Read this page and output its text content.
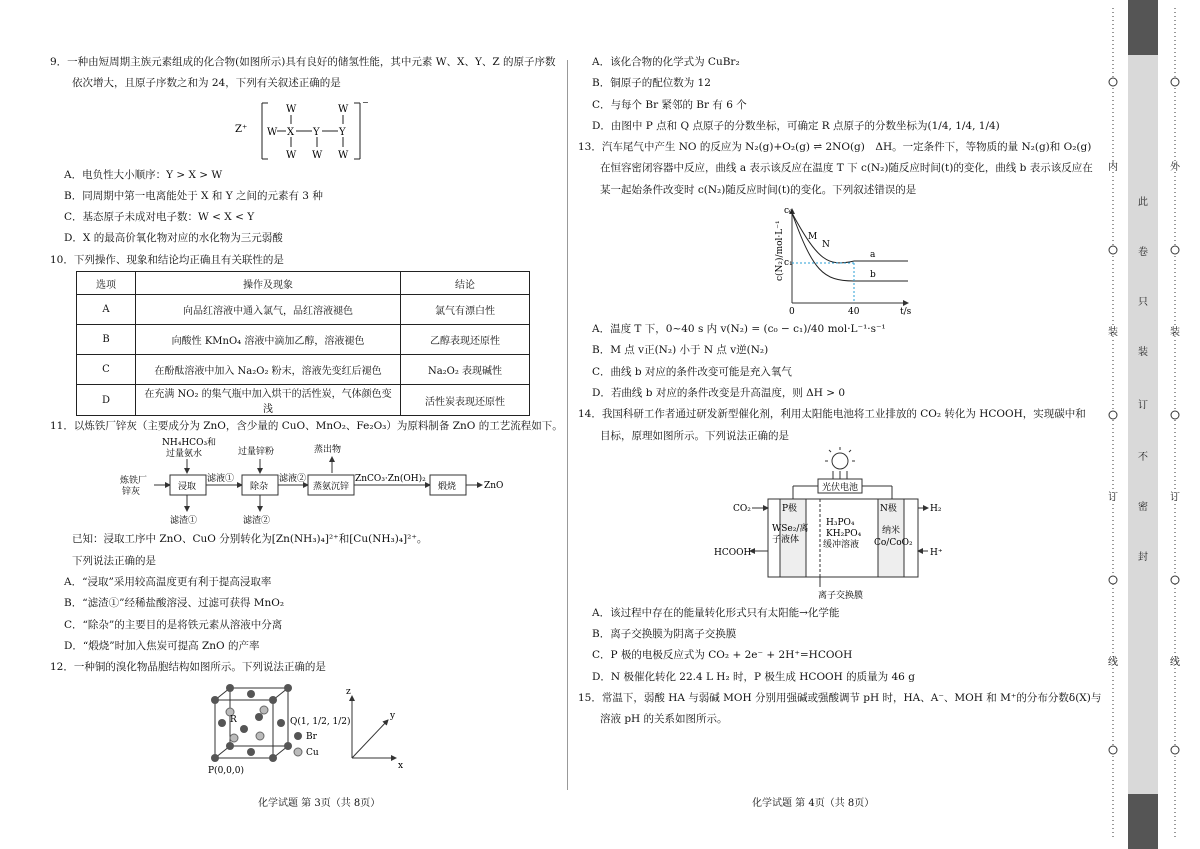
9．一种由短周期主族元素组成的化合物(如图所示)具有良好的储氢性能，其中元素 W、X、Y、Z 的原子序数
依次增大，且原子序数之和为 24，下列有关叙述正确的是
Z⁺
−
W X Y Y
W	W
W W W
A．电负性大小顺序：Y > X > W
B．同周期中第一电离能处于 X 和 Y 之间的元素有 3 种
C．基态原子未成对电子数：W < X < Y
D．X 的最高价氧化物对应的水化物为三元弱酸
10．下列操作、现象和结论均正确且有关联性的是
选项	操作及现象	结论
A	向品红溶液中通入氯气，品红溶液褪色	氯气有漂白性
B	向酸性 KMnO₄ 溶液中滴加乙醇，溶液褪色	乙醇表现还原性
C	在酚酞溶液中加入 Na₂O₂ 粉末，溶液先变红后褪色	Na₂O₂ 表现碱性
D	在充满 NO₂ 的集气瓶中加入烘干的活性炭，气体颜色变浅	活性炭表现还原性
11．以炼铁厂锌灰（主要成分为 ZnO，含少量的 CuO、MnO₂、Fe₂O₃）为原料制备 ZnO 的工艺流程如下。
NH₄HCO₃和
过量氨水	过量锌粉	蒸出物
炼铁厂
锌灰	浸取
滤液①
除杂
滤液②
蒸氨沉锌
ZnCO₃·Zn(OH)₂
煅烧	ZnO
滤渣①	滤渣②
已知：浸取工序中 ZnO、CuO 分别转化为[Zn(NH₃)₄]²⁺和[Cu(NH₃)₄]²⁺。
下列说法正确的是
A．“浸取”采用较高温度更有利于提高浸取率
B．“滤渣①”经稀盐酸溶浸、过滤可获得 MnO₂
C．“除杂”的主要目的是将铁元素从溶液中分离
D．“煅烧”时加入焦炭可提高 ZnO 的产率
12．一种铜的溴化物晶胞结构如图所示。下列说法正确的是
R	Q(1, 1/2, 1/2)
P(0,0,0)
Br
Cu
z
y
x
A．该化合物的化学式为 CuBr₂
B．铜原子的配位数为 12
C．与每个 Br 紧邻的 Br 有 6 个
D．由图中 P 点和 Q 点原子的分数坐标，可确定 R 点原子的分数坐标为(1/4, 1/4, 1/4)
13．汽车尾气中产生 NO 的反应为 N₂(g)+O₂(g) ⇌ 2NO(g)　ΔH。一定条件下，等物质的量 N₂(g)和 O₂(g)
在恒容密闭容器中反应，曲线 a 表示该反应在温度 T 下 c(N₂)随反应时间(t)的变化，曲线 b 表示该反应在
某一起始条件改变时 c(N₂)随反应时间(t)的变化。下列叙述错误的是
c(N₂)/mol·L⁻¹
c₀
c₁
M
N
a
b
0	40	t/s
A．温度 T 下，0~40 s 内 v(N₂) = (c₀ − c₁)/40 mol·L⁻¹·s⁻¹
B．M 点 v正(N₂) 小于 N 点 v逆(N₂)
C．曲线 b 对应的条件改变可能是充入氧气
D．若曲线 b 对应的条件改变是升高温度，则 ΔH > 0
14．我国科研工作者通过研发新型催化剂，利用太阳能电池将工业排放的 CO₂ 转化为 HCOOH，实现碳中和
目标，原理如图所示。下列说法正确的是
光伏电池
P极	N极
WSe₂/离
子液体
H₃PO₄
KH₂PO₄
缓冲溶液
纳米
Co/CoO₂
CO₂
HCOOH
H₂
H⁺
离子交换膜
A．该过程中存在的能量转化形式只有太阳能→化学能
B．离子交换膜为阴离子交换膜
C．P 极的电极反应式为 CO₂ + 2e⁻ + 2H⁺=HCOOH
D．N 极催化转化 22.4 L H₂ 时，P 极生成 HCOOH 的质量为 46 g
15．常温下，弱酸 HA 与弱碱 MOH 分别用强碱或强酸调节 pH 时，HA、A⁻、MOH 和 M⁺的分布分数δ(X)与
溶液 pH 的关系如图所示。
化学试题 第 3页（共 8页）	化学试题 第 4页（共 8页）
内
装
订
线
外
装
订
线
此
卷
只
装
订
不
密
封
